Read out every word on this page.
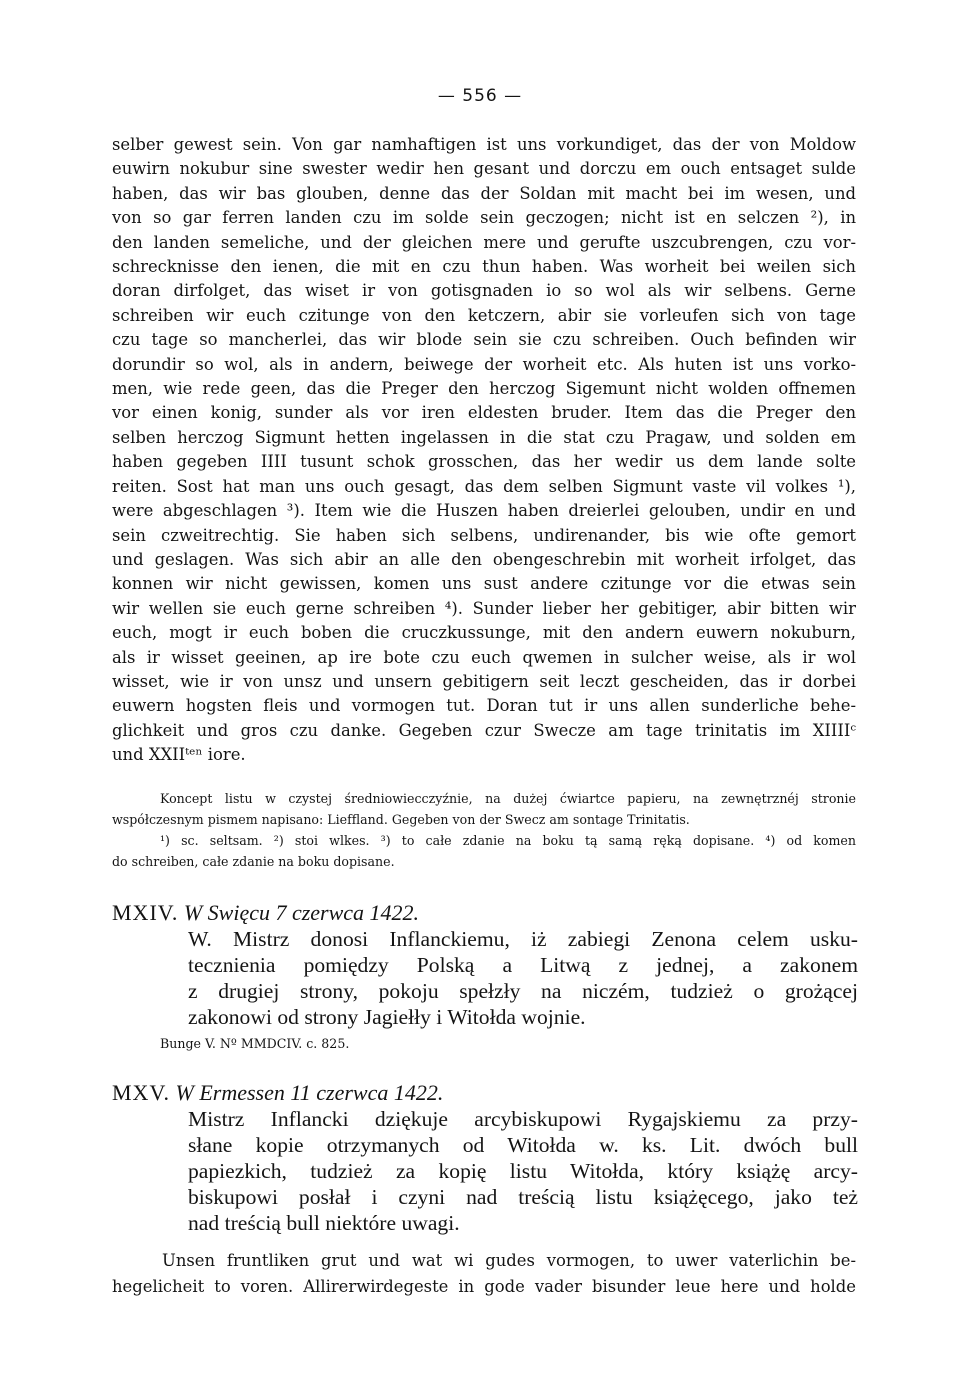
— 556 —
selber gewest sein. Von gar namhaftigen ist uns vorkundiget, das der von Moldow
euwirn nokubur sine swester wedir hen gesant und dorczu em ouch entsaget sulde
haben, das wir bas glouben, denne das der Soldan mit macht bei im wesen, und
von so gar ferren landen czu im solde sein geczogen; nicht ist en selczen ²), in
den landen semeliche, und der gleichen mere und gerufte uszcubrengen, czu vor-
schrecknisse den ienen, die mit en czu thun haben. Was worheit bei weilen sich
doran dirfolget, das wiset ir von gotisgnaden io so wol als wir selbens. Gerne
schreiben wir euch czitunge von den ketczern, abir sie vorleufen sich von tage
czu tage so mancherlei, das wir blode sein sie czu schreiben. Ouch befinden wir
dorundir so wol, als in andern, beiwege der worheit etc. Als huten ist uns vorko-
men, wie rede geen, das die Preger den herczog Sigemunt nicht wolden offnemen
vor einen konig, sunder als vor iren eldesten bruder. Item das die Preger den
selben herczog Sigmunt hetten ingelassen in die stat czu Pragaw, und solden em
haben gegeben IIII tusunt schok grosschen, das her wedir us dem lande solte
reiten. Sost hat man uns ouch gesagt, das dem selben Sigmunt vaste vil volkes ¹),
were abgeschlagen ³). Item wie die Huszen haben dreierlei gelouben, undir en und
sein czweitrechtig. Sie haben sich selbens, undirenander, bis wie ofte gemort
und geslagen. Was sich abir an alle den obengeschrebin mit worheit irfolget, das
konnen wir nicht gewissen, komen uns sust andere czitunge vor die etwas sein
wir wellen sie euch gerne schreiben ⁴). Sunder lieber her gebitiger, abir bitten wir
euch, mogt ir euch boben die cruczkussunge, mit den andern euwern nokuburn,
als ir wisset geeinen, ap ire bote czu euch qwemen in sulcher weise, als ir wol
wisset, wie ir von unsz und unsern gebitigern seit leczt gescheiden, das ir dorbei
euwern hogsten fleis und vormogen tut. Doran tut ir uns allen sunderliche behe-
glichkeit und gros czu danke. Gegeben czur Swecze am tage trinitatis im XIIIIᶜ
und XXIIᵗᵉⁿ iore.
Koncept listu w czystej średniowiecczyźnie, na dużej ćwiartce papieru, na zewnętrznéj stronie
współczesnym pismem napisano: Liefﬂand. Gegeben von der Swecz am sontage Trinitatis.
¹) sc. seltsam. ²) stoi wlkes. ³) to całe zdanie na boku tą samą ręką dopisane. ⁴) od komen
do schreiben, całe zdanie na boku dopisane.
MXIV. W Swięcu 7 czerwca 1422.
W. Mistrz donosi Inflanckiemu, iż zabiegi Zenona celem usku-
tecznienia pomiędzy Polską a Litwą z jednej, a zakonem
z drugiej strony, pokoju spełzły na niczém, tudzież o grożącej
zakonowi od strony Jagiełły i Witołda wojnie.
Bunge V. Nº MMDCIV. c. 825.
MXV. W Ermessen 11 czerwca 1422.
Mistrz Inflancki dziękuje arcybiskupowi Rygajskiemu za przy-
słane kopie otrzymanych od Witołda w. ks. Lit. dwóch bull
papiezkich, tudzież za kopię listu Witołda, który książę arcy-
biskupowi posłał i czyni nad treścią listu książęcego, jako też
nad treścią bull niektóre uwagi.
Unsen fruntliken grut und wat wi gudes vormogen, to uwer vaterlichin be-
hegelicheit to voren. Allirerwirdegeste in gode vader bisunder leue here und holde
